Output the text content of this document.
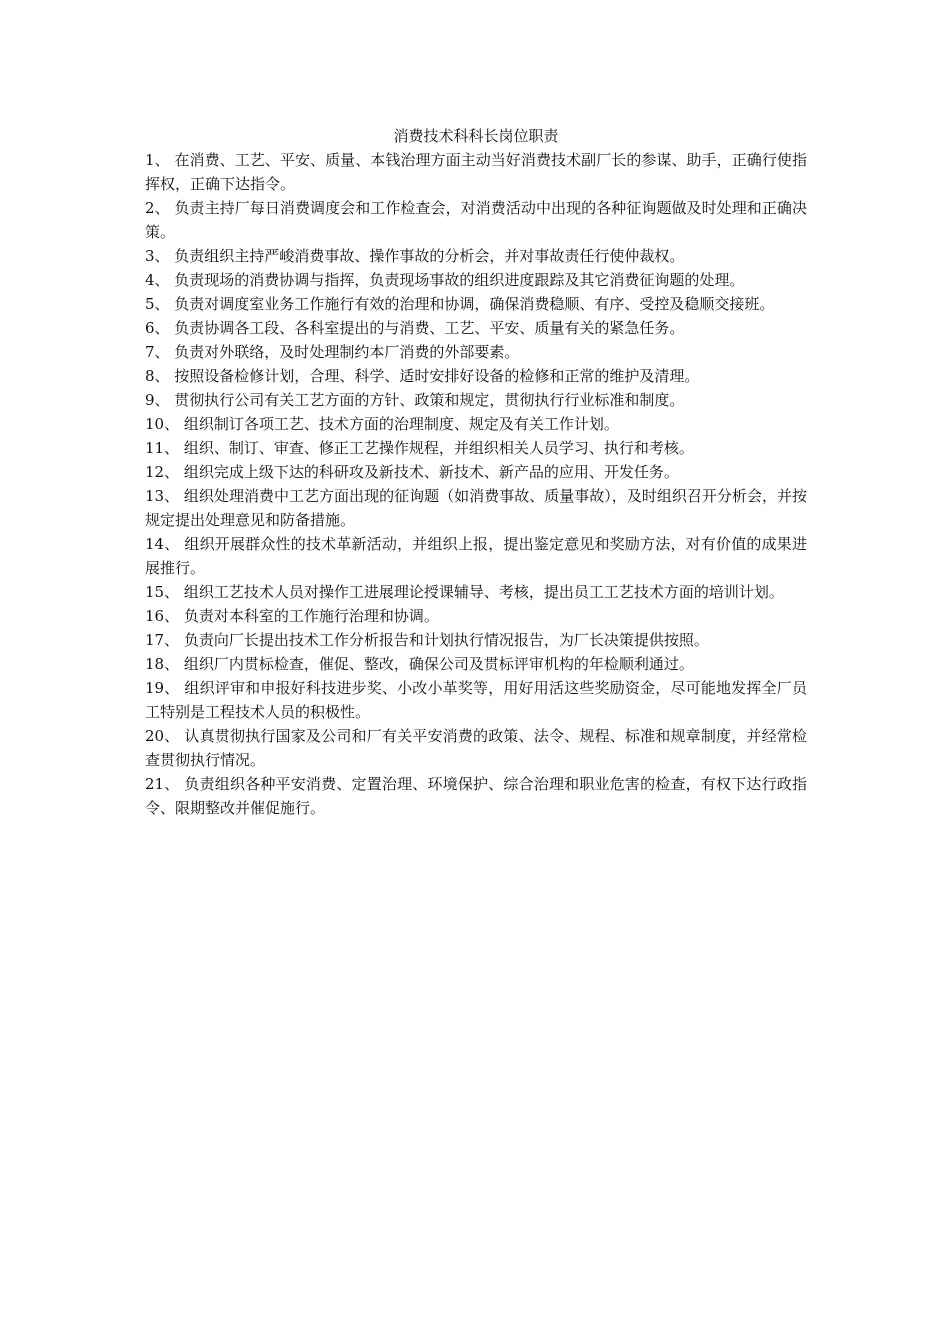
消费技术科科长岗位职责
1、 在消费、工艺、平安、质量、本钱治理方面主动当好消费技术副厂长的参谋、助手，正确行使指挥权，正确下达指令。
2、 负责主持厂每日消费调度会和工作检查会，对消费活动中出现的各种征询题做及时处理和正确决策。
3、 负责组织主持严峻消费事故、操作事故的分析会，并对事故责任行使仲裁权。
4、 负责现场的消费协调与指挥，负责现场事故的组织进度跟踪及其它消费征询题的处理。
5、 负责对调度室业务工作施行有效的治理和协调，确保消费稳顺、有序、受控及稳顺交接班。
6、 负责协调各工段、各科室提出的与消费、工艺、平安、质量有关的紧急任务。
7、 负责对外联络，及时处理制约本厂消费的外部要素。
8、 按照设备检修计划，合理、科学、适时安排好设备的检修和正常的维护及清理。
9、 贯彻执行公司有关工艺方面的方针、政策和规定，贯彻执行行业标准和制度。
10、 组织制订各项工艺、技术方面的治理制度、规定及有关工作计划。
11、 组织、制订、审查、修正工艺操作规程，并组织相关人员学习、执行和考核。
12、 组织完成上级下达的科研攻及新技术、新技术、新产品的应用、开发任务。
13、 组织处理消费中工艺方面出现的征询题（如消费事故、质量事故），及时组织召开分析会，并按规定提出处理意见和防备措施。
14、 组织开展群众性的技术革新活动，并组织上报，提出鉴定意见和奖励方法，对有价值的成果进展推行。
15、 组织工艺技术人员对操作工进展理论授课辅导、考核，提出员工工艺技术方面的培训计划。
16、 负责对本科室的工作施行治理和协调。
17、 负责向厂长提出技术工作分析报告和计划执行情况报告，为厂长决策提供按照。
18、 组织厂内贯标检查，催促、整改，确保公司及贯标评审机构的年检顺利通过。
19、 组织评审和申报好科技进步奖、小改小革奖等，用好用活这些奖励资金，尽可能地发挥全厂员工特别是工程技术人员的积极性。
20、 认真贯彻执行国家及公司和厂有关平安消费的政策、法令、规程、标准和规章制度，并经常检查贯彻执行情况。
21、 负责组织各种平安消费、定置治理、环境保护、综合治理和职业危害的检查，有权下达行政指令、限期整改并催促施行。
